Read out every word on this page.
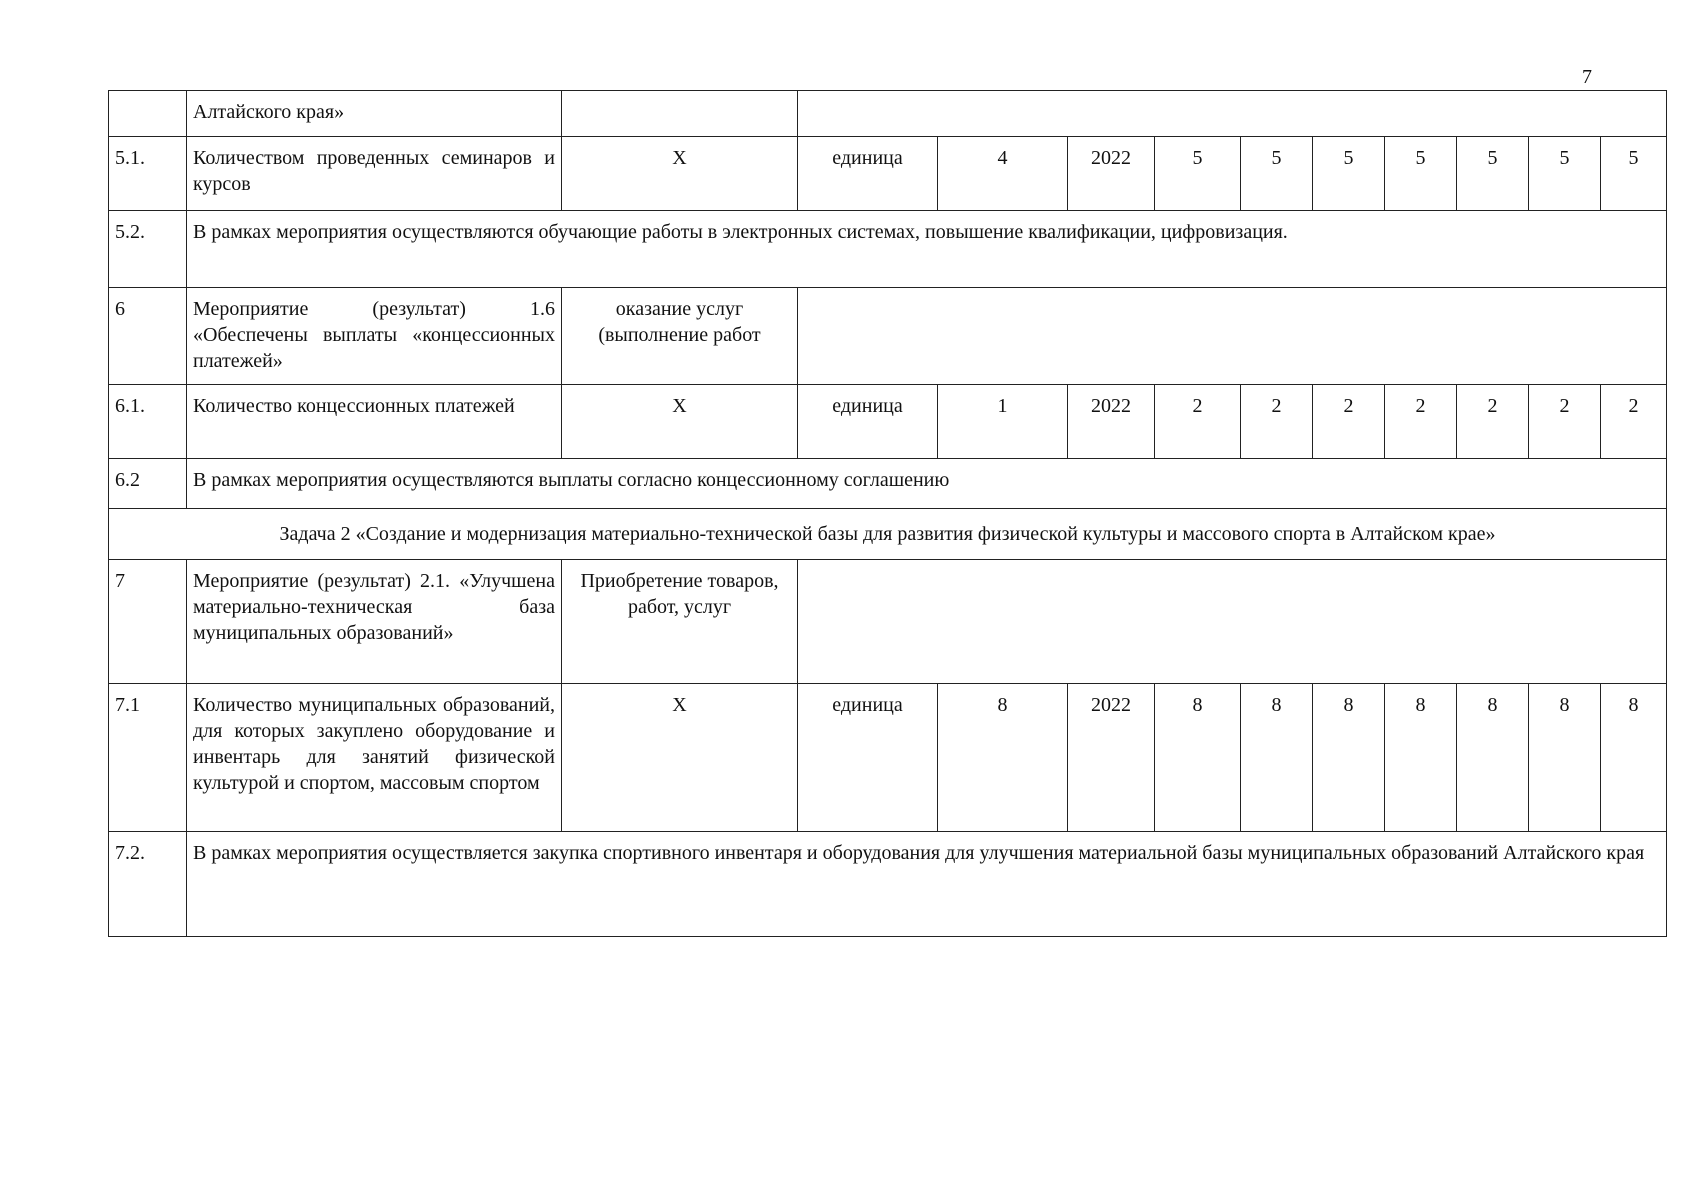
7
	Алтайского края»											
5.1.	Количеством проведенных семинаров и курсов	Х	единица	4	2022	5	5	5	5	5	5	5
5.2.	В рамках мероприятия осуществляются обучающие работы в электронных системах, повышение квалификации, цифровизация.											
6	Мероприятие (результат) 1.6 «Обеспечены выплаты «концессионных платежей»	оказание услуг (выполнение работ										
6.1.	Количество концессионных платежей	Х	единица	1	2022	2	2	2	2	2	2	2
6.2	В рамках мероприятия осуществляются выплаты согласно концессионному соглашению											
Задача 2 «Создание и модернизация материально-технической базы для развития физической культуры и массового спорта в Алтайском крае»												
7	Мероприятие (результат) 2.1. «Улучшена материально-техническая база муниципальных образований»	Приобретение товаров, работ, услуг										
7.1	Количество муниципальных образований, для которых закуплено оборудование и инвентарь для занятий физической культурой и спортом, массовым спортом	Х	единица	8	2022	8	8	8	8	8	8	8
7.2.	В рамках мероприятия осуществляется закупка спортивного инвентаря и оборудования для улучшения материальной базы муниципальных образований Алтайского края											
